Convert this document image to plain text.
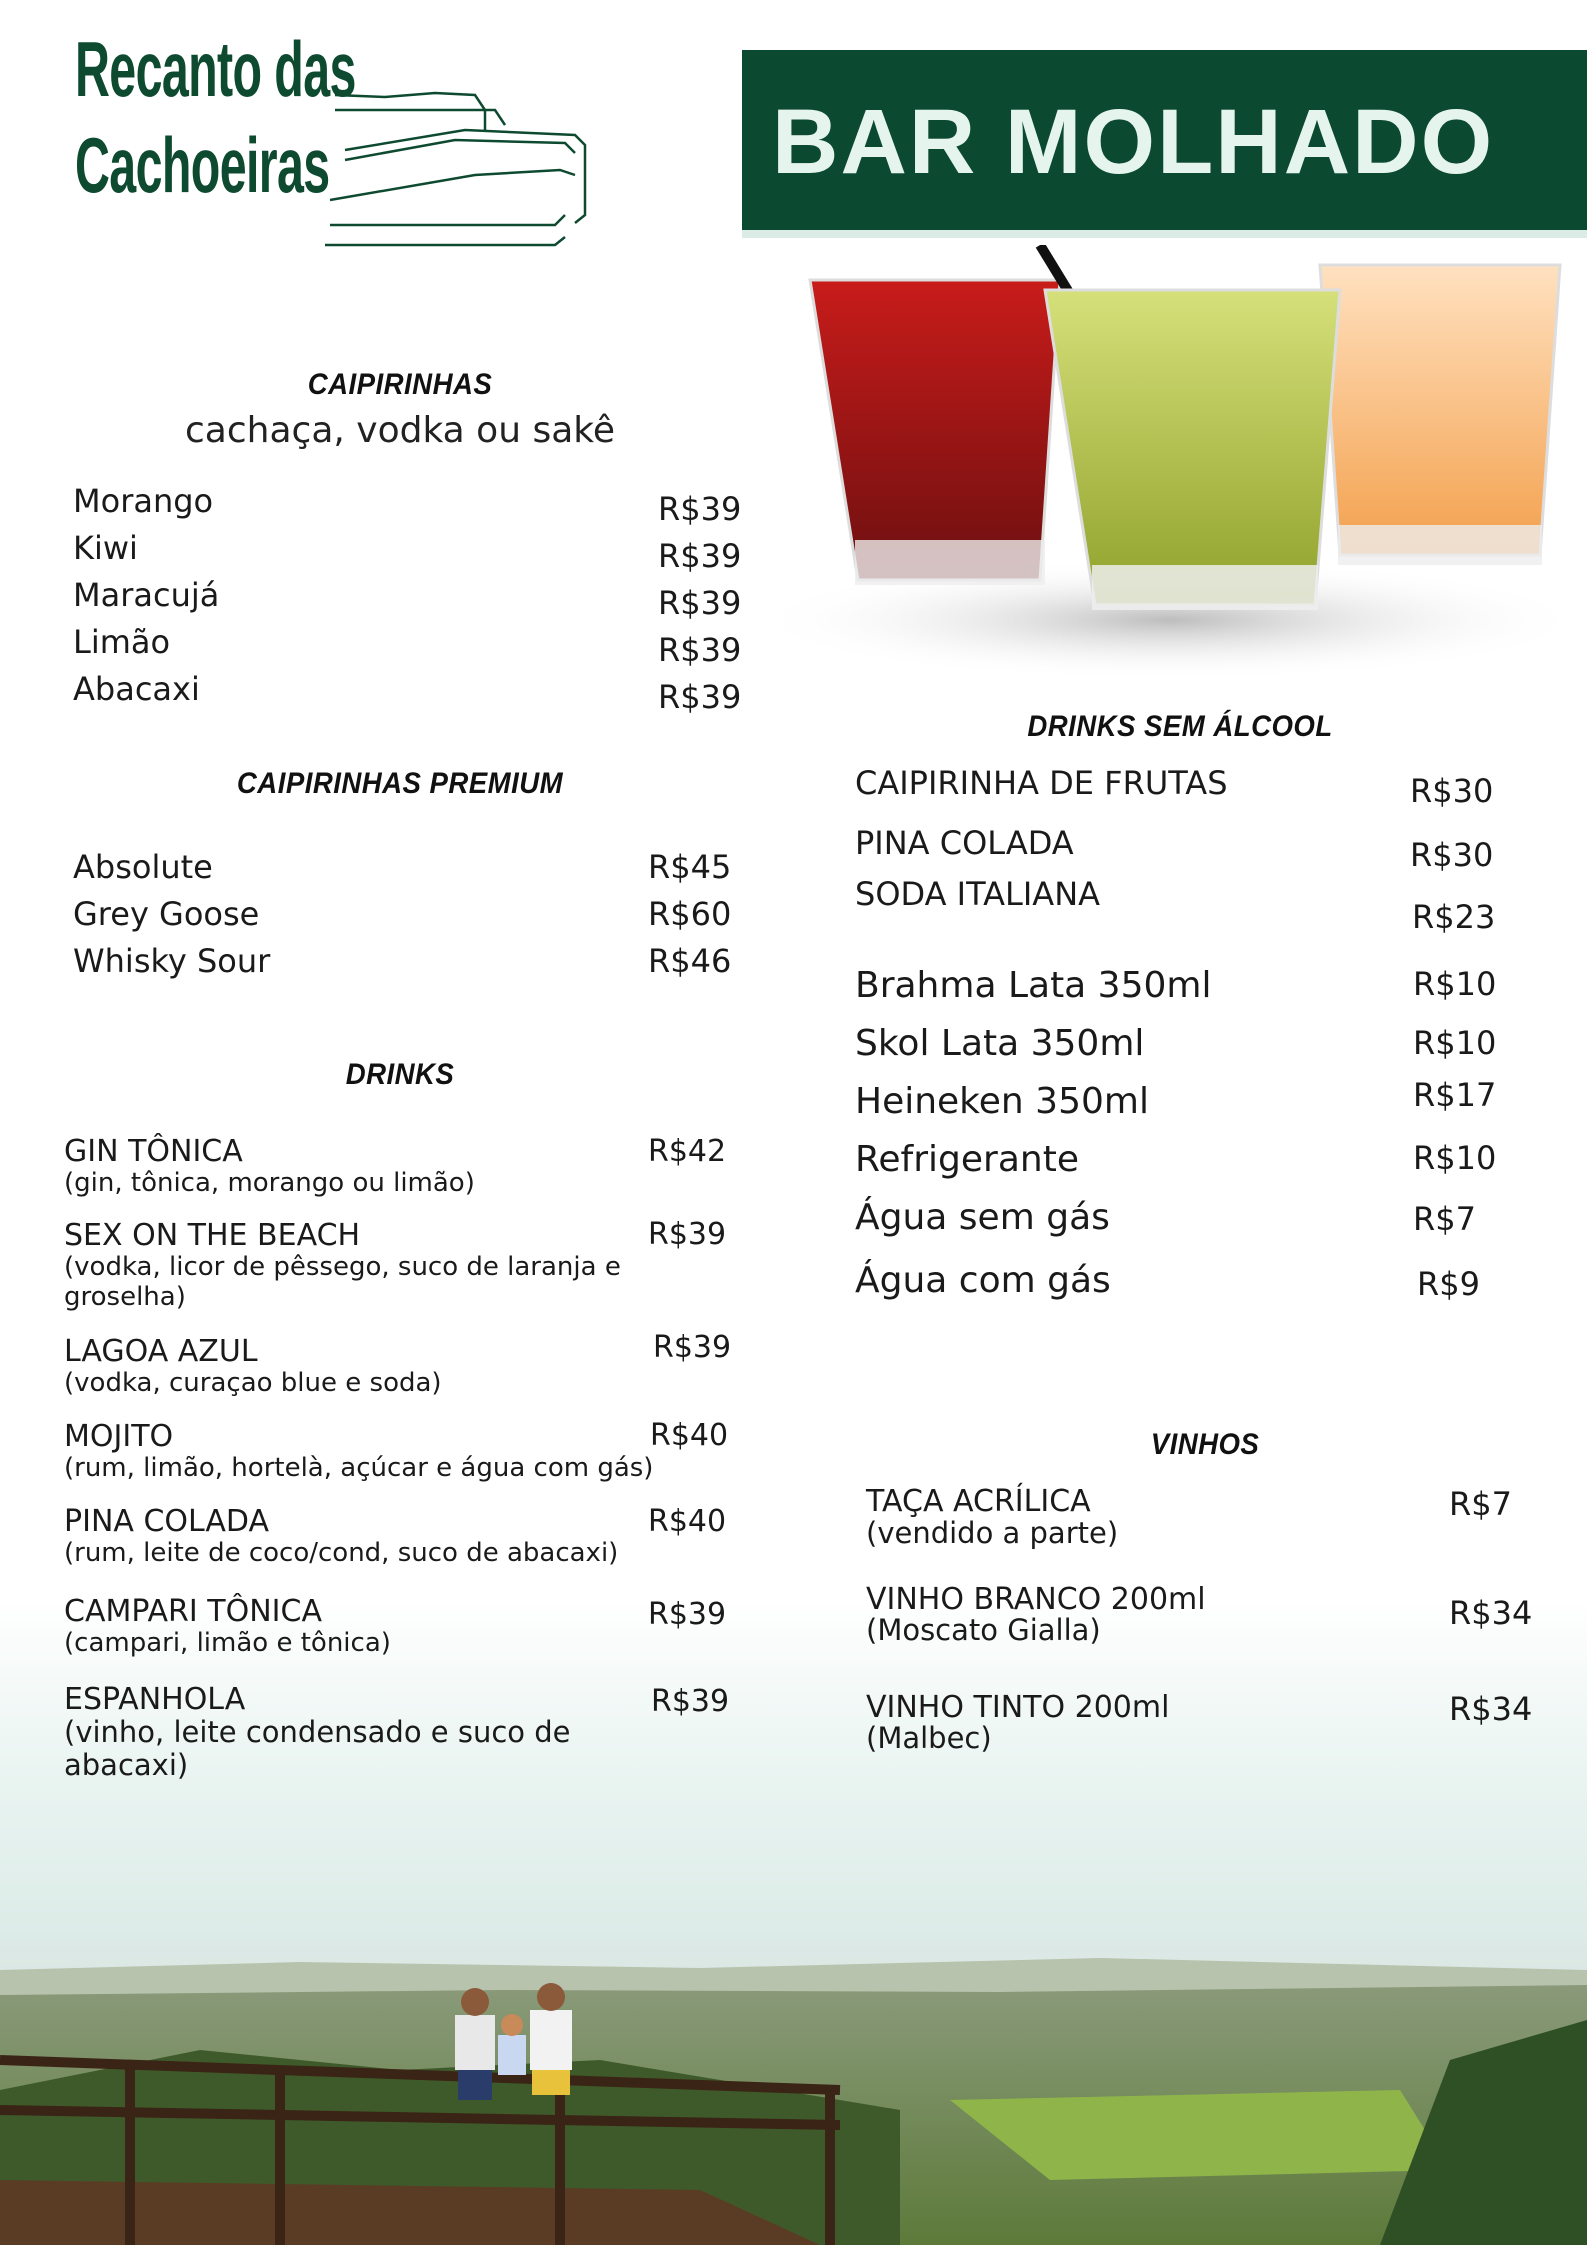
Recanto das
Cachoeiras	BAR MOLHADO
CAIPIRINHAS
cachaça, vodka ou sakê
Morango	R$39
Kiwi	R$39
Maracujá	R$39
Limão	R$39
Abacaxi	R$39
CAIPIRINHAS PREMIUM
Absolute	R$45
Grey Goose	R$60
Whisky Sour	R$46
DRINKS
GIN TÔNICA
(gin, tônica, morango ou limão)
R$42
SEX ON THE BEACH
(vodka, licor de pêssego, suco de laranja e groselha)
R$39
LAGOA AZUL
(vodka, curaçao blue e soda)
R$39
MOJITO
(rum, limão, hortelà, açúcar e água com gás)
R$40
PINA COLADA
(rum, leite de coco/cond, suco de abacaxi)
R$40
CAMPARI TÔNICA
(campari, limão e tônica)
R$39
ESPANHOLA
(vinho, leite condensado e suco de abacaxi)
R$39
DRINKS SEM ÁLCOOL
CAIPIRINHA DE FRUTAS	R$30
PINA COLADA	R$30
SODA ITALIANA
R$23
Brahma Lata 350ml	R$10
Skol Lata 350ml	R$10
Heineken 350ml	R$17
Refrigerante	R$10
Água sem gás	R$7
Água com gás	R$9
VINHOS
TAÇA ACRÍLICA
(vendido a parte)
R$7
VINHO BRANCO 200ml
(Moscato Gialla)	R$34
VINHO TINTO 200ml
(Malbec)
R$34
